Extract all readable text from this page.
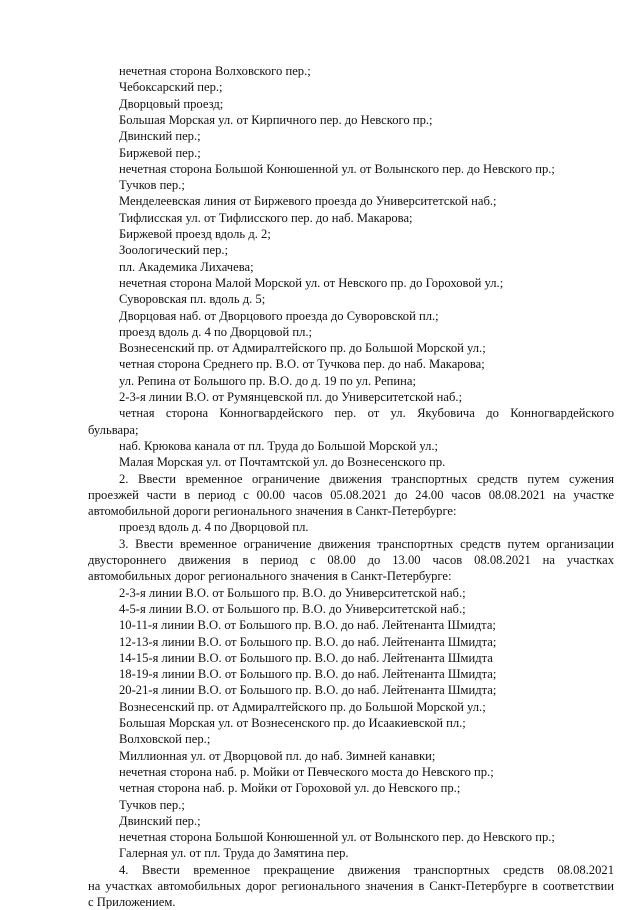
нечетная сторона Волховского пер.;
Чебоксарский пер.;
Дворцовый проезд;
Большая Морская ул. от Кирпичного пер. до Невского пр.;
Двинский пер.;
Биржевой пер.;
нечетная сторона Большой Конюшенной ул. от Волынского пер. до Невского пр.;
Тучков пер.;
Менделеевская линия от Биржевого проезда до Университетской наб.;
Тифлисская ул. от Тифлисского пер. до наб. Макарова;
Биржевой проезд вдоль д. 2;
Зоологический пер.;
пл. Академика Лихачева;
нечетная сторона Малой Морской ул. от Невского пр. до Гороховой ул.;
Суворовская пл. вдоль д. 5;
Дворцовая наб. от Дворцового проезда до Суворовской пл.;
проезд вдоль д. 4 по Дворцовой пл.;
Вознесенский пр. от Адмиралтейского пр. до Большой Морской ул.;
четная сторона Среднего пр. В.О. от Тучкова пер. до наб. Макарова;
ул. Репина от Большого пр. В.О. до д. 19 по ул. Репина;
2-3-я линии В.О. от Румянцевской пл. до Университетской наб.;
четная сторона Конногвардейского пер. от ул. Якубовича до Конногвардейского
бульвара;
наб. Крюкова канала от пл. Труда до Большой Морской ул.;
Малая Морская ул. от Почтамтской ул. до Вознесенского пр.
2. Ввести временное ограничение движения транспортных средств путем сужения
проезжей части в период с 00.00 часов 05.08.2021 до 24.00 часов 08.08.2021 на участке
автомобильной дороги регионального значения в Санкт-Петербурге:
проезд вдоль д. 4 по Дворцовой пл.
3. Ввести временное ограничение движения транспортных средств путем организации
двустороннего движения в период с 08.00 до 13.00 часов 08.08.2021 на участках
автомобильных дорог регионального значения в Санкт-Петербурге:
2-3-я линии В.О. от Большого пр. В.О. до Университетской наб.;
4-5-я линии В.О. от Большого пр. В.О. до Университетской наб.;
10-11-я линии В.О. от Большого пр. В.О. до наб. Лейтенанта Шмидта;
12-13-я линии В.О. от Большого пр. В.О. до наб. Лейтенанта Шмидта;
14-15-я линии В.О. от Большого пр. В.О. до наб. Лейтенанта Шмидта
18-19-я линии В.О. от Большого пр. В.О. до наб. Лейтенанта Шмидта;
20-21-я линии В.О. от Большого пр. В.О. до наб. Лейтенанта Шмидта;
Вознесенский пр. от Адмиралтейского пр. до Большой Морской ул.;
Большая Морская ул. от Вознесенского пр. до Исаакиевской пл.;
Волховской пер.;
Миллионная ул. от Дворцовой пл. до наб. Зимней канавки;
нечетная сторона наб. р. Мойки от Певческого моста до Невского пр.;
четная сторона наб. р. Мойки от Гороховой ул. до Невского пр.;
Тучков пер.;
Двинский пер.;
нечетная сторона Большой Конюшенной ул. от Волынского пер. до Невского пр.;
Галерная ул. от пл. Труда до Замятина пер.
4. Ввести временное прекращение движения транспортных средств 08.08.2021
на участках автомобильных дорог регионального значения в Санкт-Петербурге в соответствии
с Приложением.
